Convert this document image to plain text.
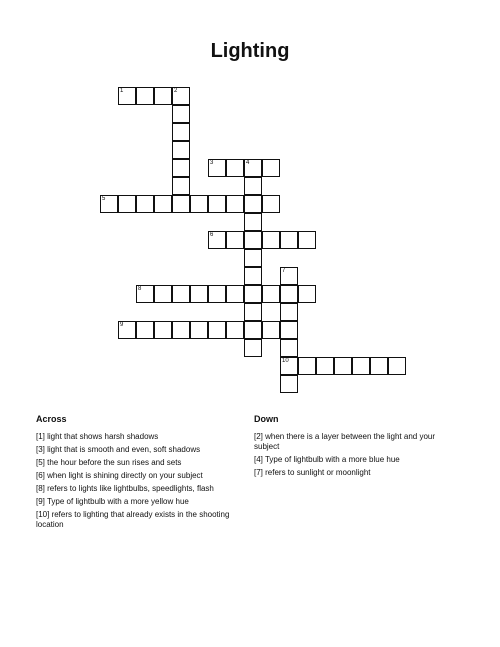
Lighting
1	2
3	4
5
6
7
10
8
9
Across
[1] light that shows harsh shadows
[3] light that is smooth and even, soft shadows
[5] the hour before the sun rises and sets
[6] when light is shining directly on your subject
[8] refers to lights like lightbulbs, speedlights, flash
[9] Type of lightbulb with a more yellow hue
[10] refers to lighting that already exists in the shooting location
Down
[2] when there is a layer between the light and your subject
[4] Type of lightbulb with a more blue hue
[7] refers to sunlight or moonlight
